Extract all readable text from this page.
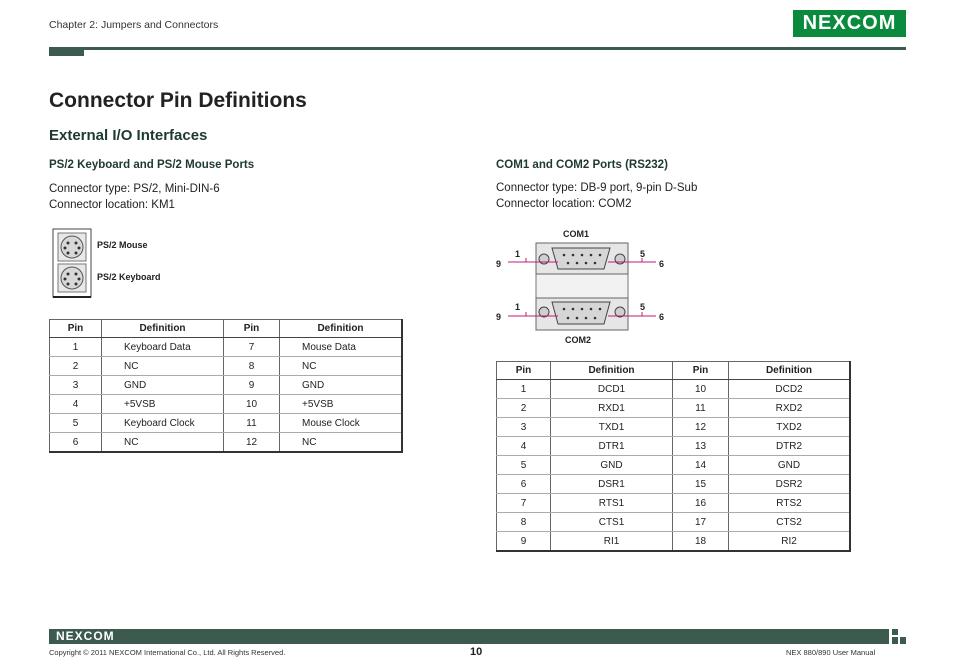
Chapter 2: Jumpers and Connectors	NEXCOM
Connector Pin Definitions
External I/O Interfaces
PS/2 Keyboard and PS/2 Mouse Ports
Connector type: PS/2, Mini-DIN-6
Connector location: KM1
PS/2 Mouse
PS/2 Keyboard
Pin	Definition	Pin	Definition
1	Keyboard Data	7	Mouse Data
2	NC	8	NC
3	GND	9	GND
4	+5VSB	10	+5VSB
5	Keyboard Clock	11	Mouse Clock
6	NC	12	NC
COM1 and COM2 Ports (RS232)
Connector type: DB-9 port, 9-pin D-Sub
Connector location: COM2
COM1
1	5
9	6
1	5
9	6
COM2
Pin	Definition	Pin	Definition
1	DCD1	10	DCD2
2	RXD1	11	RXD2
3	TXD1	12	TXD2
4	DTR1	13	DTR2
5	GND	14	GND
6	DSR1	15	DSR2
7	RTS1	16	RTS2
8	CTS1	17	CTS2
9	RI1	18	RI2
NEXCOM
Copyright © 2011 NEXCOM International Co., Ltd. All Rights Reserved.	10	NEX 880/890 User Manual
